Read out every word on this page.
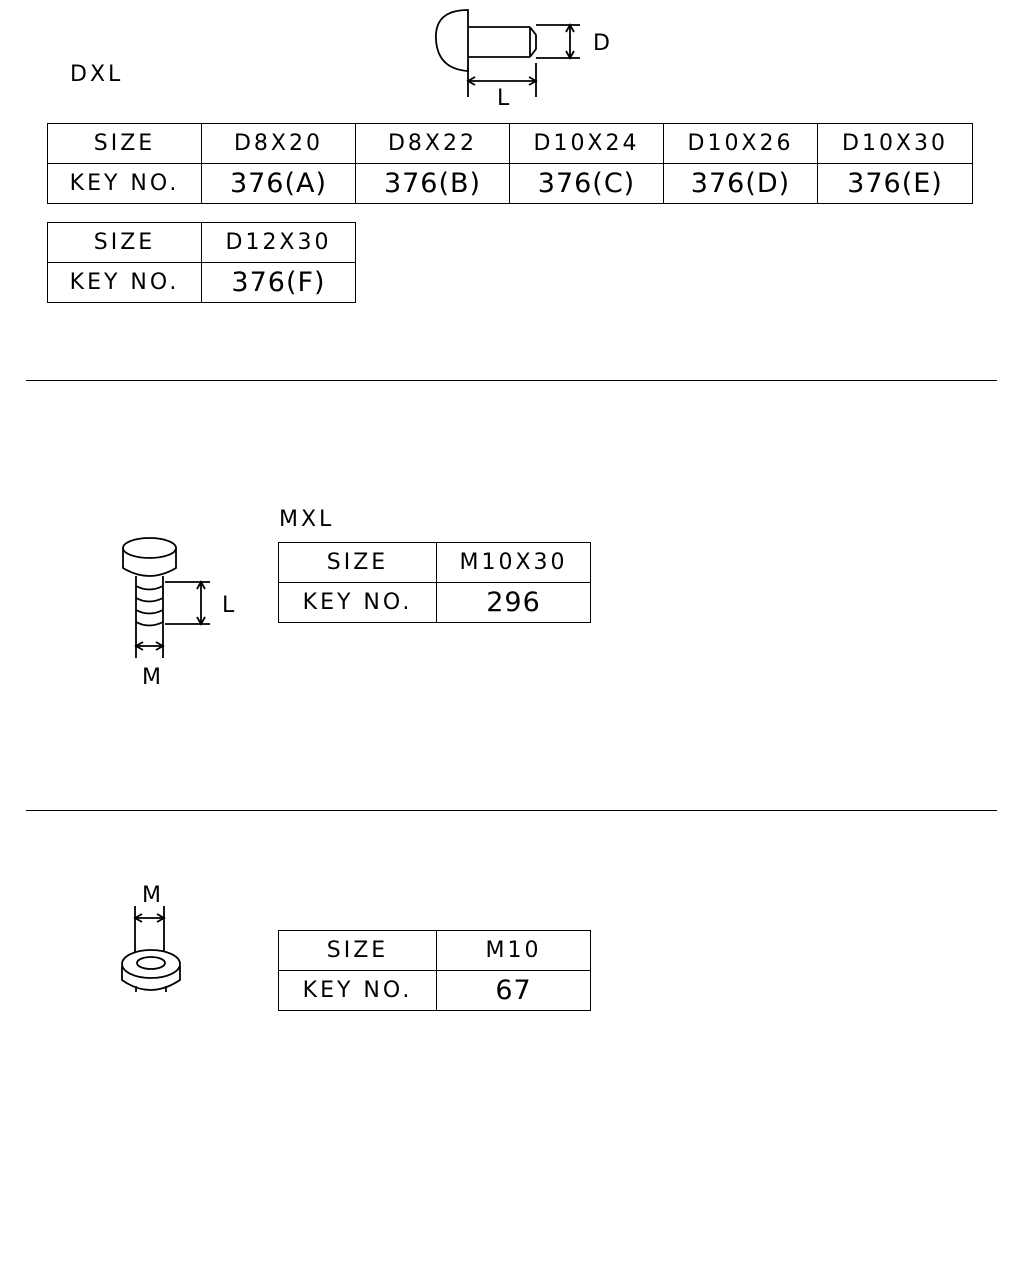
DXL
D
L
SIZE	D8X20	D8X22	D10X24	D10X26	D10X30
KEY NO.	376(A)	376(B)	376(C)	376(D)	376(E)
SIZE	D12X30
KEY NO.	376(F)
MXL
L
M
SIZE	M10X30
KEY NO.	296
M
SIZE	M10
KEY NO.	67
